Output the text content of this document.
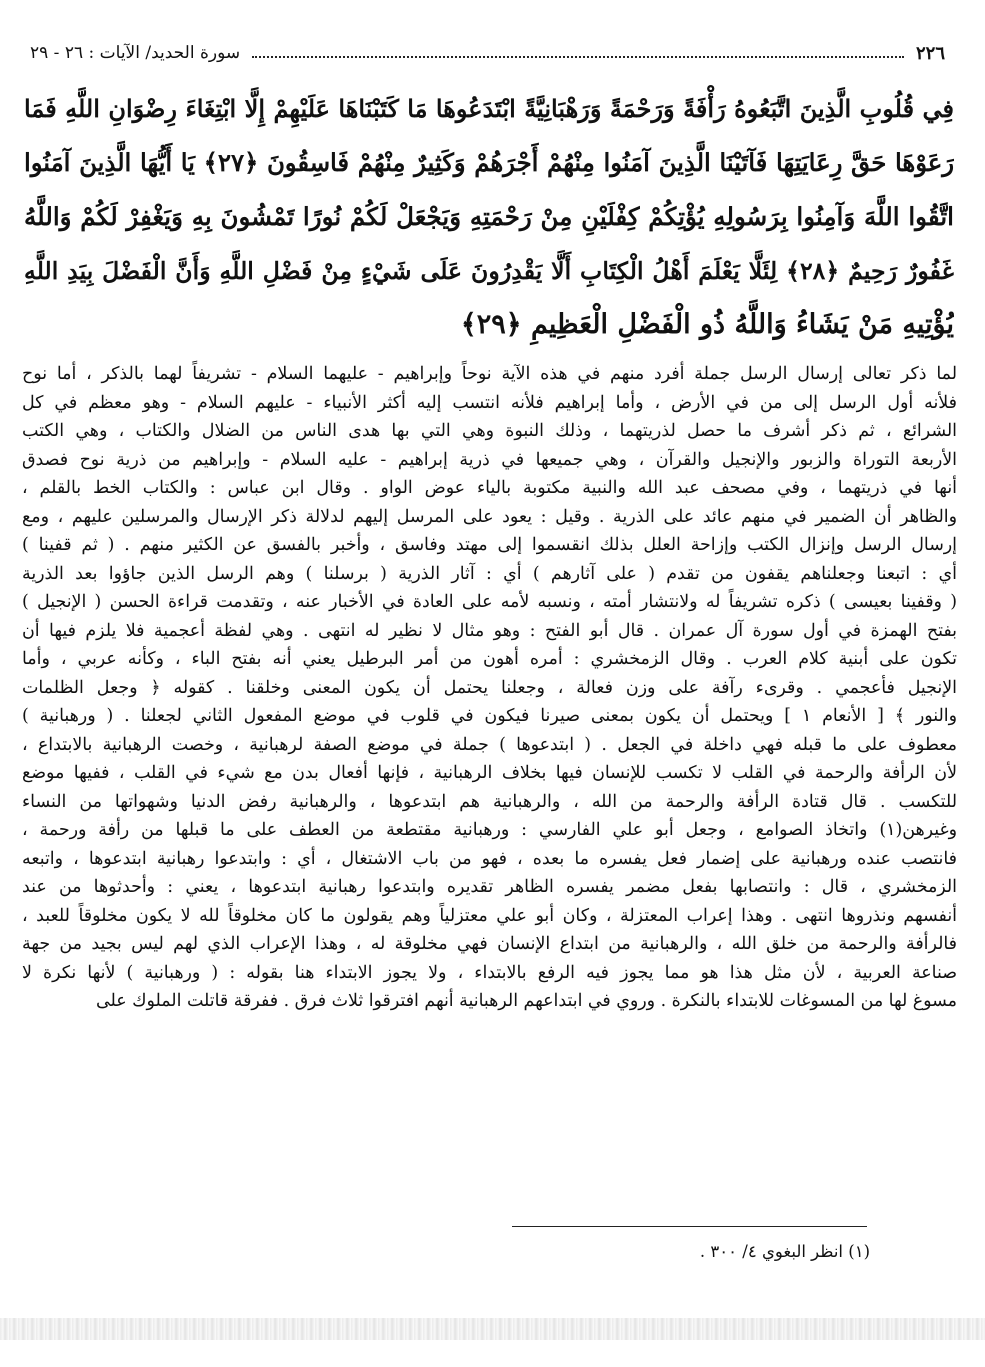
٢٢٦
سورة الحديد/ الآيات : ٢٦ - ٢٩
فِي قُلُوبِ الَّذِينَ اتَّبَعُوهُ رَأْفَةً وَرَحْمَةً وَرَهْبَانِيَّةً ابْتَدَعُوهَا مَا كَتَبْنَاهَا عَلَيْهِمْ إِلَّا ابْتِغَاءَ رِضْوَانِ اللَّهِ فَمَا
رَعَوْهَا حَقَّ رِعَايَتِهَا فَآتَيْنَا الَّذِينَ آمَنُوا مِنْهُمْ أَجْرَهُمْ وَكَثِيرٌ مِنْهُمْ فَاسِقُونَ ﴿٢٧﴾ يَا أَيُّهَا الَّذِينَ آمَنُوا
اتَّقُوا اللَّهَ وَآمِنُوا بِرَسُولِهِ يُؤْتِكُمْ كِفْلَيْنِ مِنْ رَحْمَتِهِ وَيَجْعَلْ لَكُمْ نُورًا تَمْشُونَ بِهِ وَيَغْفِرْ لَكُمْ وَاللَّهُ
غَفُورٌ رَحِيمٌ ﴿٢٨﴾ لِئَلَّا يَعْلَمَ أَهْلُ الْكِتَابِ أَلَّا يَقْدِرُونَ عَلَى شَيْءٍ مِنْ فَضْلِ اللَّهِ وَأَنَّ الْفَضْلَ بِيَدِ اللَّهِ
يُؤْتِيهِ مَنْ يَشَاءُ وَاللَّهُ ذُو الْفَضْلِ الْعَظِيمِ ﴿٢٩﴾
لما ذكر تعالى إرسال الرسل جملة أفرد منهم في هذه الآية نوحاً وإبراهيم - عليهما السلام - تشريفاً لهما بالذكر ، أما نوح
فلأنه أول الرسل إلى من في الأرض ، وأما إبراهيم فلأنه انتسب إليه أكثر الأنبياء - عليهم السلام - وهو معظم في كل
الشرائع ، ثم ذكر أشرف ما حصل لذريتهما ، وذلك النبوة وهي التي بها هدى الناس من الضلال والكتاب ، وهي الكتب
الأربعة التوراة والزبور والإنجيل والقرآن ، وهي جميعها في ذرية إبراهيم - عليه السلام - وإبراهيم من ذرية نوح فصدق
أنها في ذريتهما ، وفي مصحف عبد الله والنبية مكتوبة بالياء عوض الواو . وقال ابن عباس : والكتاب الخط بالقلم ،
والظاهر أن الضمير في منهم عائد على الذرية . وقيل : يعود على المرسل إليهم لدلالة ذكر الإرسال والمرسلين عليهم ، ومع
إرسال الرسل وإنزال الكتب وإزاحة العلل بذلك انقسموا إلى مهتد وفاسق ، وأخبر بالفسق عن الكثير منهم . ( ثم قفينا )
أي : اتبعنا وجعلناهم يقفون من تقدم ( على آثارهم ) أي : آثار الذرية ( برسلنا ) وهم الرسل الذين جاؤوا بعد الذرية
( وقفينا بعيسى ) ذكره تشريفاً له ولانتشار أمته ، ونسبه لأمه على العادة في الأخبار عنه ، وتقدمت قراءة الحسن ( الإنجيل )
بفتح الهمزة في أول سورة آل عمران . قال أبو الفتح : وهو مثال لا نظير له انتهى . وهي لفظة أعجمية فلا يلزم فيها أن
تكون على أبنية كلام العرب . وقال الزمخشري : أمره أهون من أمر البرطيل يعني أنه بفتح الباء ، وكأنه عربي ، وأما
الإنجيل فأعجمي . وقرىء رآفة على وزن فعالة ، وجعلنا يحتمل أن يكون المعنى وخلقنا . كقوله ﴿ وجعل الظلمات
والنور ﴾ [ الأنعام ١ ] ويحتمل أن يكون بمعنى صيرنا فيكون في قلوب في موضع المفعول الثاني لجعلنا . ( ورهبانية )
معطوف على ما قبله فهي داخلة في الجعل . ( ابتدعوها ) جملة في موضع الصفة لرهبانية ، وخصت الرهبانية بالابتداع ،
لأن الرأفة والرحمة في القلب لا تكسب للإنسان فيها بخلاف الرهبانية ، فإنها أفعال بدن مع شيء في القلب ، ففيها موضع
للتكسب . قال قتادة الرأفة والرحمة من الله ، والرهبانية هم ابتدعوها ، والرهبانية رفض الدنيا وشهواتها من النساء
وغيرهن(١) واتخاذ الصوامع ، وجعل أبو علي الفارسي : ورهبانية مقتطعة من العطف على ما قبلها من رأفة ورحمة ،
فانتصب عنده ورهبانية على إضمار فعل يفسره ما بعده ، فهو من باب الاشتغال ، أي : وابتدعوا رهبانية ابتدعوها ، واتبعه
الزمخشري ، قال : وانتصابها بفعل مضمر يفسره الظاهر تقديره وابتدعوا رهبانية ابتدعوها ، يعني : وأحدثوها من عند
أنفسهم ونذروها انتهى . وهذا إعراب المعتزلة ، وكان أبو علي معتزلياً وهم يقولون ما كان مخلوقاً لله لا يكون مخلوقاً للعبد ،
فالرأفة والرحمة من خلق الله ، والرهبانية من ابتداع الإنسان فهي مخلوقة له ، وهذا الإعراب الذي لهم ليس بجيد من جهة
صناعة العربية ، لأن مثل هذا هو مما يجوز فيه الرفع بالابتداء ، ولا يجوز الابتداء هنا بقوله : ( ورهبانية ) لأنها نكرة لا
مسوغ لها من المسوغات للابتداء بالنكرة . وروي في ابتداعهم الرهبانية أنهم افترقوا ثلاث فرق . ففرقة قاتلت الملوك على
(١) انظر البغوي ٤/ ٣٠٠ .
